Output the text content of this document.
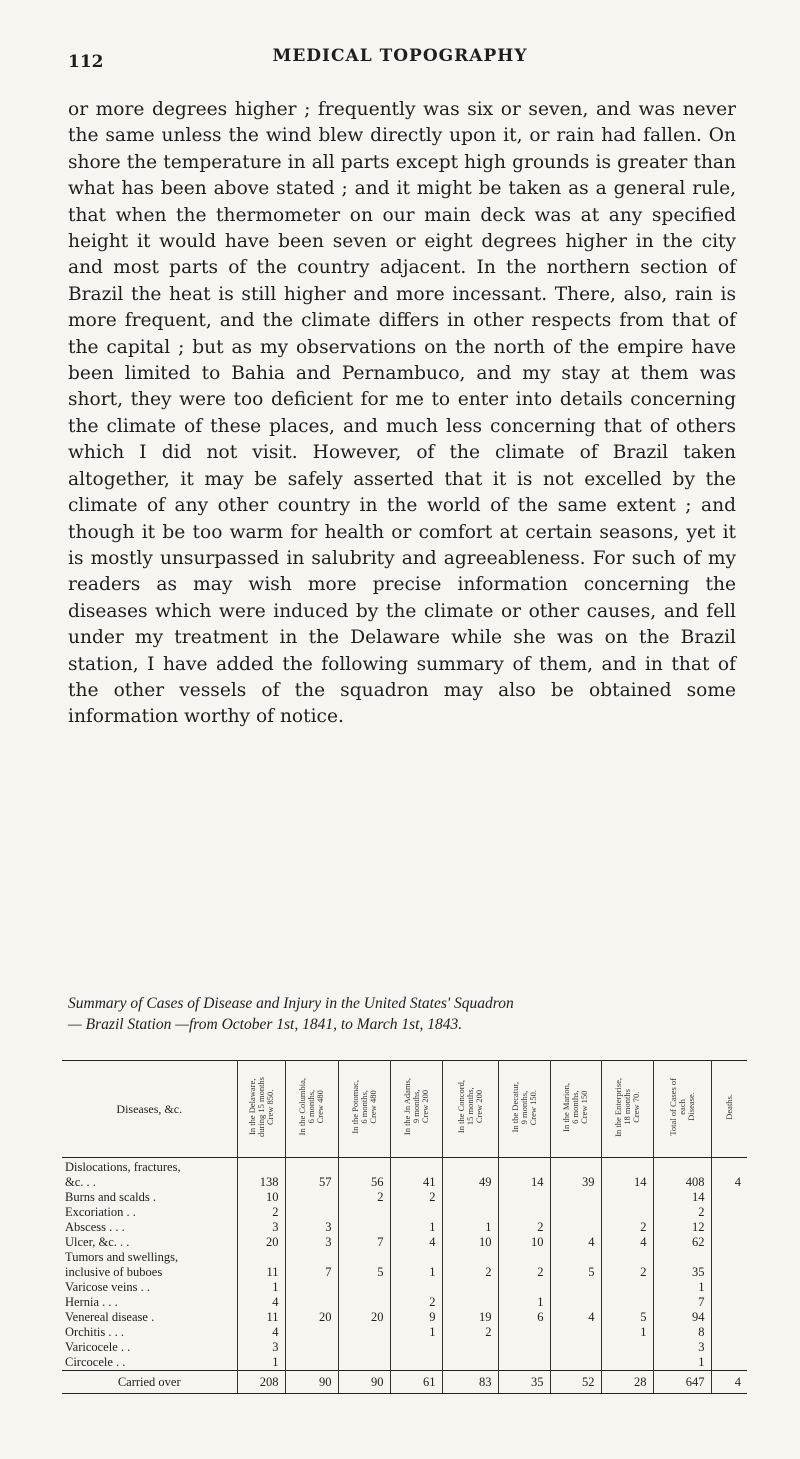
112	MEDICAL TOPOGRAPHY

or more degrees higher ; frequently was six or seven, and was never the same unless the wind blew directly upon it, or rain had fallen. On shore the temperature in all parts except high grounds is greater than what has been above stated ; and it might be taken as a general rule, that when the thermometer on our main deck was at any specified height it would have been seven or eight degrees higher in the city and most parts of the country adjacent. In the northern section of Brazil the heat is still higher and more incessant. There, also, rain is more frequent, and the climate differs in other respects from that of the capital ; but as my observations on the north of the empire have been limited to Bahia and Pernambuco, and my stay at them was short, they were too deficient for me to enter into details concerning the climate of these places, and much less concerning that of others which I did not visit. However, of the climate of Brazil taken altogether, it may be safely asserted that it is not excelled by the climate of any other country in the world of the same extent ; and though it be too warm for health or comfort at certain seasons, yet it is mostly unsurpassed in salubrity and agreeableness. For such of my readers as may wish more precise information concerning the diseases which were induced by the climate or other causes, and fell under my treatment in the Delaware while she was on the Brazil station, I have added the following summary of them, and in that of the other vessels of the squadron may also be obtained some information worthy of notice.

Summary of Cases of Disease and Injury in the United States' Squadron
— Brazil Station —from October 1st, 1841, to March 1st, 1843.
Diseases, &c.	In the Delaware,
during 15 months
Crew 850.	In the Columbia,
6 months,
Crew 480	In the Potomac,
6 months,
Crew 480	In the Jn Adams,
9 months,
Crew 200	In the Concord,
15 months,
Crew 200	In the Decatur,
9 months,
Crew 150.	In the Marion,
6 months,
Crew 150	In the Enterprise,
18 months
Crew 70.	Total of Cases of
each
Disease.	Deaths.
Dislocations, fractures,										
&c. . .	138	57	56	41	49	14	39	14	408	4
Burns and scalds .	10		2	2					14	
Excoriation . .	2								2	
Abscess . . .	3	3		1	1	2		2	12	
Ulcer, &c. . .	20	3	7	4	10	10	4	4	62	
Tumors and swellings,										
inclusive of buboes	11	7	5	1	2	2	5	2	35	
Varicose veins . .	1								1	
Hernia . . .	4			2		1			7	
Venereal disease .	11	20	20	9	19	6	4	5	94	
Orchitis . . .	4			1	2			1	8	
Varicocele . .	3								3	
Circocele . .	1								1	
Carried over	208	90	90	61	83	35	52	28	647	4
